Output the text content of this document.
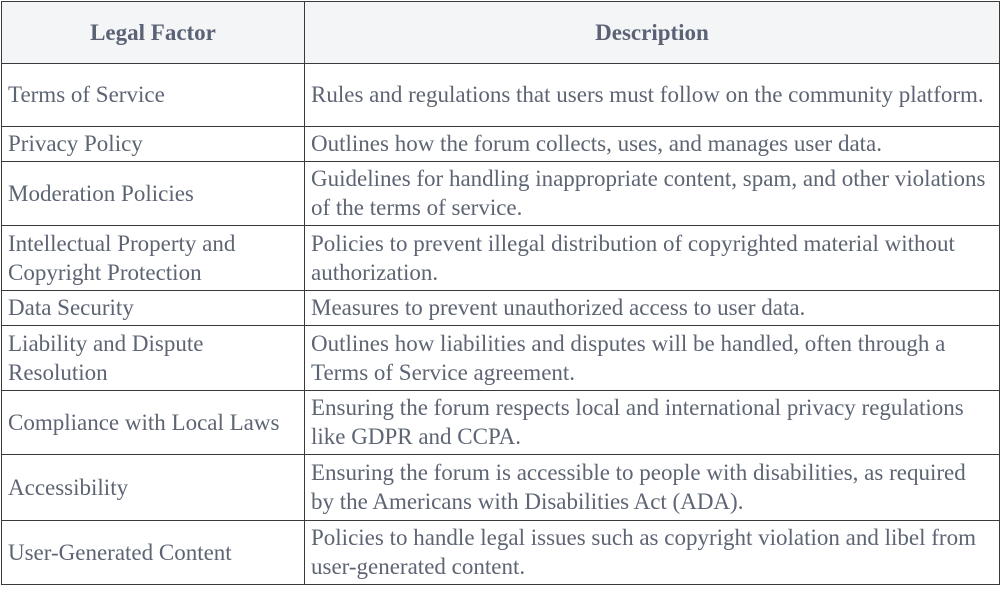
Legal Factor	Description
Terms of Service	Rules and regulations that users must follow on the community platform.
Privacy Policy	Outlines how the forum collects, uses, and manages user data.
Moderation Policies	Guidelines for handling inappropriate content, spam, and other violations of the terms of service.
Intellectual Property and Copyright Protection	Policies to prevent illegal distribution of copyrighted material without authorization.
Data Security	Measures to prevent unauthorized access to user data.
Liability and Dispute Resolution	Outlines how liabilities and disputes will be handled, often through a Terms of Service agreement.
Compliance with Local Laws	Ensuring the forum respects local and international privacy regulations like GDPR and CCPA.
Accessibility	Ensuring the forum is accessible to people with disabilities, as required by the Americans with Disabilities Act (ADA).
User-Generated Content	Policies to handle legal issues such as copyright violation and libel from user-generated content.
